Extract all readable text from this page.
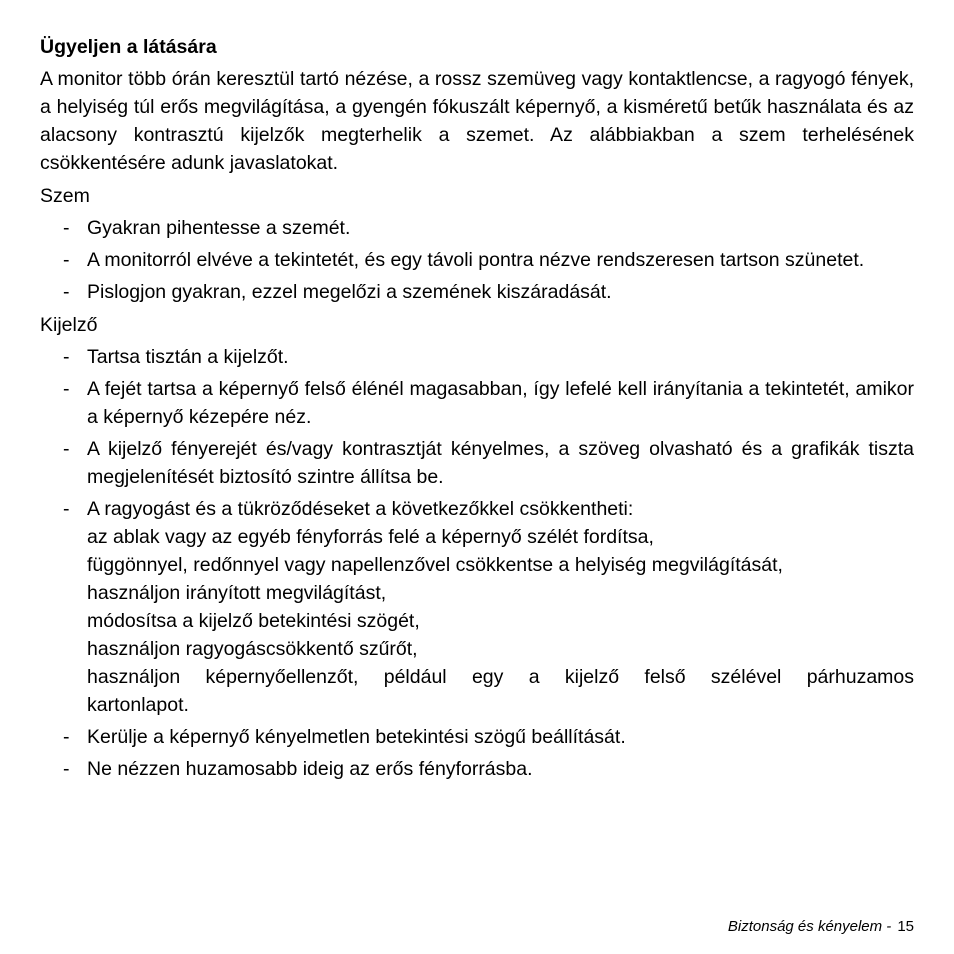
Ügyeljen a látására
A monitor több órán keresztül tartó nézése, a rossz szemüveg vagy kontaktlencse, a ragyogó fények, a helyiség túl erős megvilágítása, a gyengén fókuszált képernyő, a kisméretű betűk használata és az alacsony kontrasztú kijelzők megterhelik a szemet. Az alábbiakban a szem terhelésének csökkentésére adunk javaslatokat.
Szem
- Gyakran pihentesse a szemét.
- A monitorról elvéve a tekintetét, és egy távoli pontra nézve rendszeresen tartson szünetet.
- Pislogjon gyakran, ezzel megelőzi a szemének kiszáradását.
Kijelző
- Tartsa tisztán a kijelzőt.
- A fejét tartsa a képernyő felső élénél magasabban, így lefelé kell irányítania a tekintetét, amikor a képernyő kézepére néz.
- A kijelző fényerejét és/vagy kontrasztját kényelmes, a szöveg olvasható és a grafikák tiszta megjelenítését biztosító szintre állítsa be.
- A ragyogást és a tükröződéseket a következőkkel csökkentheti:
az ablak vagy az egyéb fényforrás felé a képernyő szélét fordítsa,
függönnyel, redőnnyel vagy napellenzővel csökkentse a helyiség megvilágítását,
használjon irányított megvilágítást,
módosítsa a kijelző betekintési szögét,
használjon ragyogáscsökkentő szűrőt,
használjon képernyőellenzőt, például egy a kijelző felső szélével párhuzamos
kartonlapot.
- Kerülje a képernyő kényelmetlen betekintési szögű beállítását.
- Ne nézzen huzamosabb ideig az erős fényforrásba.
Biztonság és kényelem - 15
